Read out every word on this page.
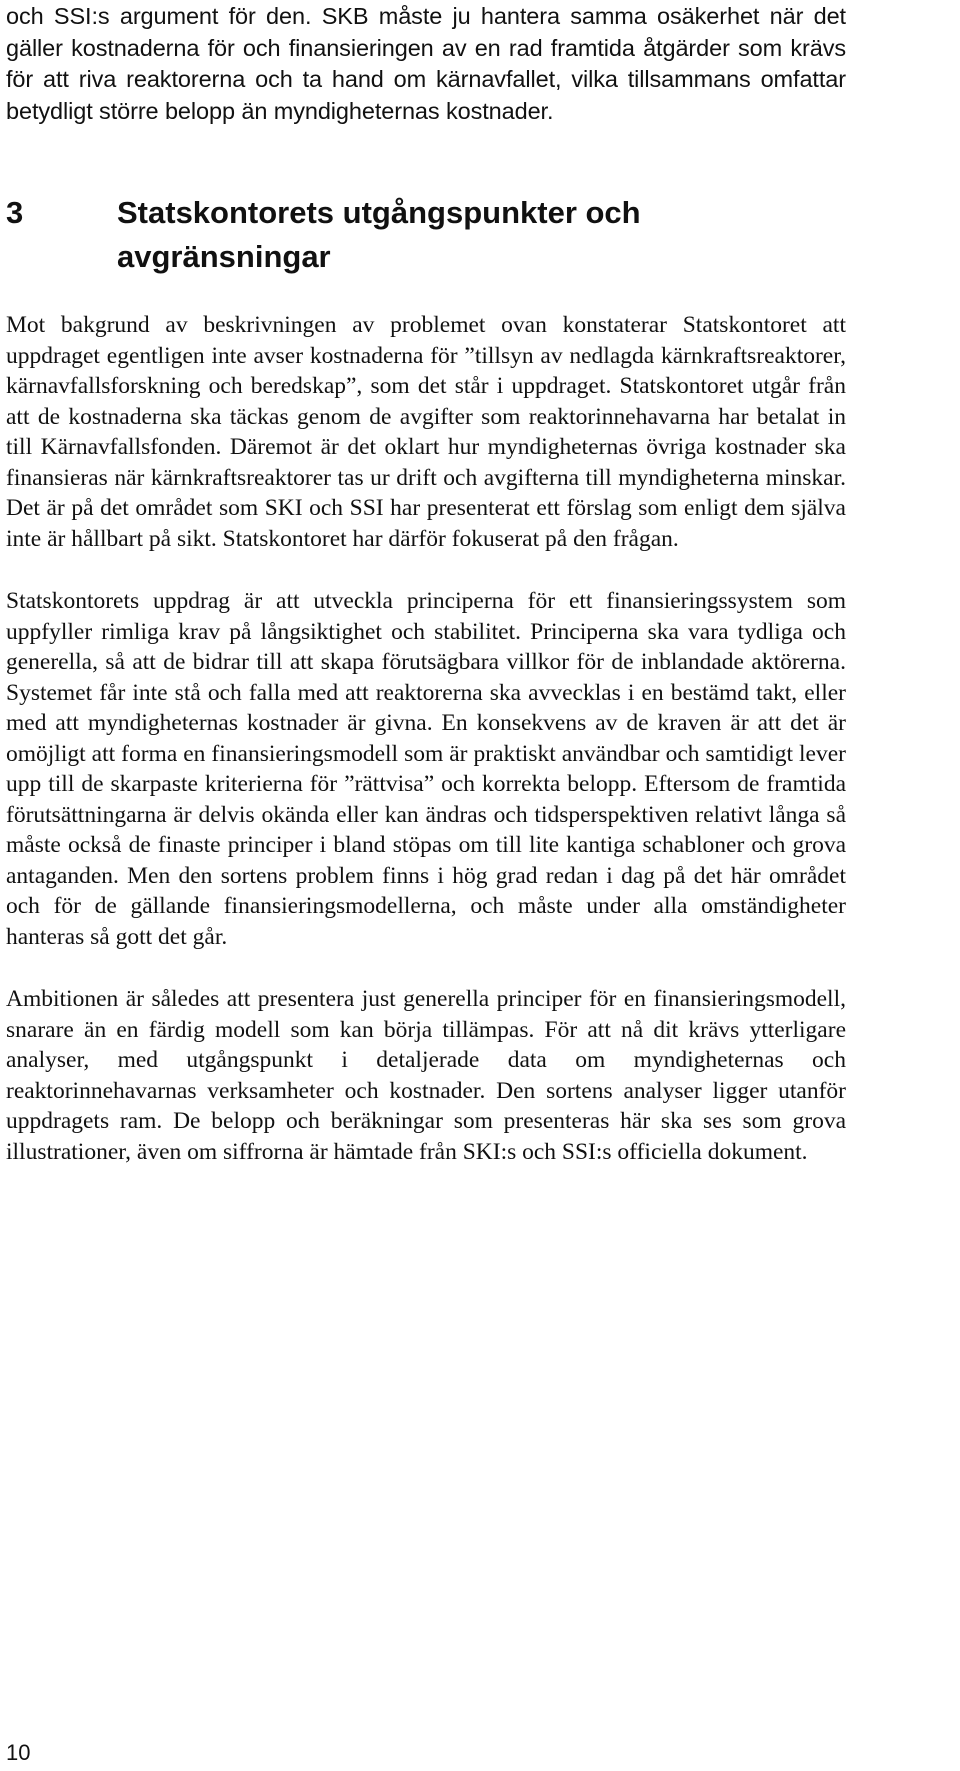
och SSI:s argument för den. SKB måste ju hantera samma osäkerhet när det gäller kostnaderna för och finansieringen av en rad framtida åtgärder som krävs för att riva reaktorerna och ta hand om kärnavfallet, vilka tillsammans omfattar betydligt större belopp än myndigheternas kostnader.

3	Statskontorets utgångspunkter och avgränsningar

Mot bakgrund av beskrivningen av problemet ovan konstaterar Statskontoret att uppdraget egentligen inte avser kostnaderna för ”tillsyn av nedlagda kärnkraftsreaktorer, kärnavfallsforskning och beredskap”, som det står i uppdraget. Statskontoret utgår från att de kostnaderna ska täckas genom de avgifter som reaktorinnehavarna har betalat in till Kärnavfallsfonden. Däremot är det oklart hur myndigheternas övriga kostnader ska finansieras när kärnkraftsreaktorer tas ur drift och avgifterna till myndigheterna minskar. Det är på det området som SKI och SSI har presenterat ett förslag som enligt dem själva inte är hållbart på sikt. Statskontoret har därför fokuserat på den frågan.

Statskontorets uppdrag är att utveckla principerna för ett finansieringssystem som uppfyller rimliga krav på långsiktighet och stabilitet. Principerna ska vara tydliga och generella, så att de bidrar till att skapa förutsägbara villkor för de inblandade aktörerna. Systemet får inte stå och falla med att reaktorerna ska avvecklas i en bestämd takt, eller med att myndigheternas kostnader är givna. En konsekvens av de kraven är att det är omöjligt att forma en finansieringsmodell som är praktiskt användbar och samtidigt lever upp till de skarpaste kriterierna för ”rättvisa” och korrekta belopp. Eftersom de framtida förutsättningarna är delvis okända eller kan ändras och tidsperspektiven relativt långa så måste också de finaste principer i bland stöpas om till lite kantiga schabloner och grova antaganden. Men den sortens problem finns i hög grad redan i dag på det här området och för de gällande finansieringsmodellerna, och måste under alla omständigheter hanteras så gott det går.

Ambitionen är således att presentera just generella principer för en finansieringsmodell, snarare än en färdig modell som kan börja tillämpas. För att nå dit krävs ytterligare analyser, med utgångspunkt i detaljerade data om myndigheternas och reaktorinnehavarnas verksamheter och kostnader. Den sortens analyser ligger utanför uppdragets ram. De belopp och beräkningar som presenteras här ska ses som grova illustrationer, även om siffrorna är hämtade från SKI:s och SSI:s officiella dokument.

10
